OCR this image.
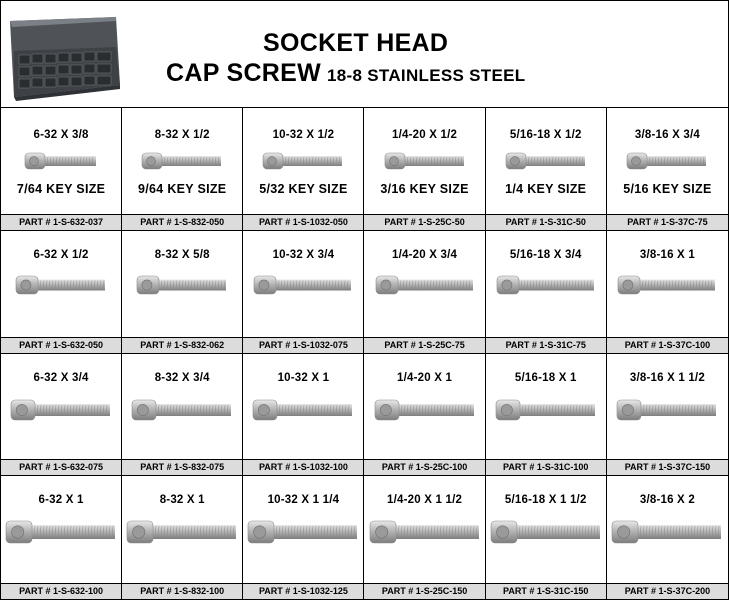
SOCKET HEAD
CAP SCREW 18-8 STAINLESS STEEL
6-32 X 3/8
7/64 KEY SIZE
PART # 1-S-632-037
8-32 X 1/2
9/64 KEY SIZE
PART # 1-S-832-050
10-32 X 1/2
5/32 KEY SIZE
PART # 1-S-1032-050
1/4-20 X 1/2
3/16 KEY SIZE
PART # 1-S-25C-50
5/16-18 X 1/2
1/4 KEY SIZE
PART # 1-S-31C-50
3/8-16 X 3/4
5/16 KEY SIZE
PART # 1-S-37C-75
6-32 X 1/2
PART # 1-S-632-050
8-32 X 5/8
PART # 1-S-832-062
10-32 X 3/4
PART # 1-S-1032-075
1/4-20 X 3/4
PART # 1-S-25C-75
5/16-18 X 3/4
PART # 1-S-31C-75
3/8-16 X 1
PART # 1-S-37C-100
6-32 X 3/4
PART # 1-S-632-075
8-32 X 3/4
PART # 1-S-832-075
10-32 X 1
PART # 1-S-1032-100
1/4-20 X 1
PART # 1-S-25C-100
5/16-18 X 1
PART # 1-S-31C-100
3/8-16 X 1 1/2
PART # 1-S-37C-150
6-32 X 1
PART # 1-S-632-100
8-32 X 1
PART # 1-S-832-100
10-32 X 1 1/4
PART # 1-S-1032-125
1/4-20 X 1 1/2
PART # 1-S-25C-150
5/16-18 X 1 1/2
PART # 1-S-31C-150
3/8-16 X 2
PART # 1-S-37C-200
